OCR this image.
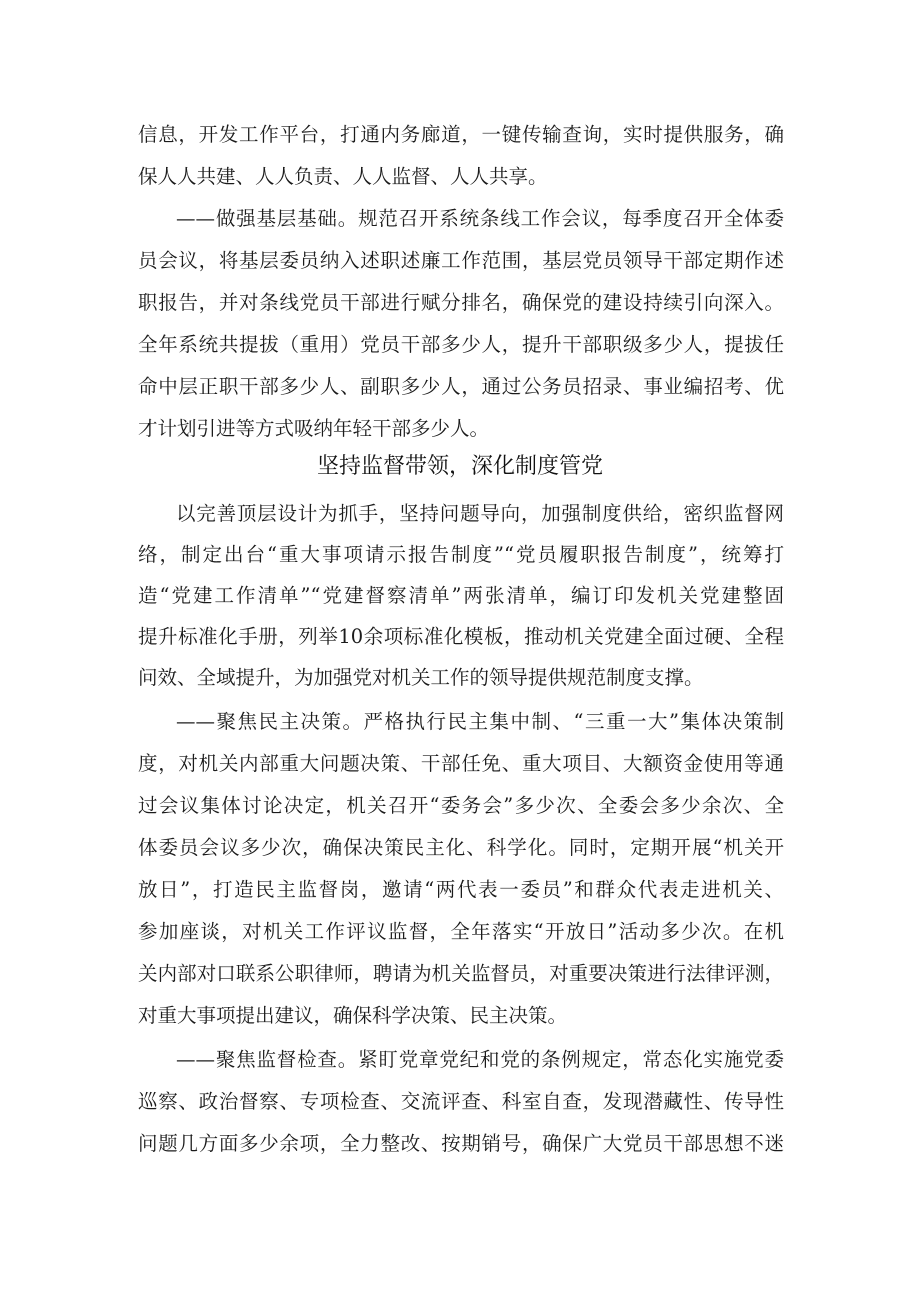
信息，开发工作平台，打通内务廊道，一键传输查询，实时提供服务，确
保人人共建、人人负责、人人监督、人人共享。
——做强基层基础。规范召开系统条线工作会议，每季度召开全体委
员会议，将基层委员纳入述职述廉工作范围，基层党员领导干部定期作述
职报告，并对条线党员干部进行赋分排名，确保党的建设持续引向深入。
全年系统共提拔（重用）党员干部多少人，提升干部职级多少人，提拔任
命中层正职干部多少人、副职多少人，通过公务员招录、事业编招考、优
才计划引进等方式吸纳年轻干部多少人。
坚持监督带领，深化制度管党
以完善顶层设计为抓手，坚持问题导向，加强制度供给，密织监督网
络，制定出台“重大事项请示报告制度”“党员履职报告制度”，统筹打
造“党建工作清单”“党建督察清单”两张清单，编订印发机关党建整固
提升标准化手册，列举10余项标准化模板，推动机关党建全面过硬、全程
问效、全域提升，为加强党对机关工作的领导提供规范制度支撑。
——聚焦民主决策。严格执行民主集中制、“三重一大”集体决策制
度，对机关内部重大问题决策、干部任免、重大项目、大额资金使用等通
过会议集体讨论决定，机关召开“委务会”多少次、全委会多少余次、全
体委员会议多少次，确保决策民主化、科学化。同时，定期开展“机关开
放日”，打造民主监督岗，邀请“两代表一委员”和群众代表走进机关、
参加座谈，对机关工作评议监督，全年落实“开放日”活动多少次。在机
关内部对口联系公职律师，聘请为机关监督员，对重要决策进行法律评测，
对重大事项提出建议，确保科学决策、民主决策。
——聚焦监督检查。紧盯党章党纪和党的条例规定，常态化实施党委
巡察、政治督察、专项检查、交流评查、科室自查，发现潜藏性、传导性
问题几方面多少余项，全力整改、按期销号，确保广大党员干部思想不迷
